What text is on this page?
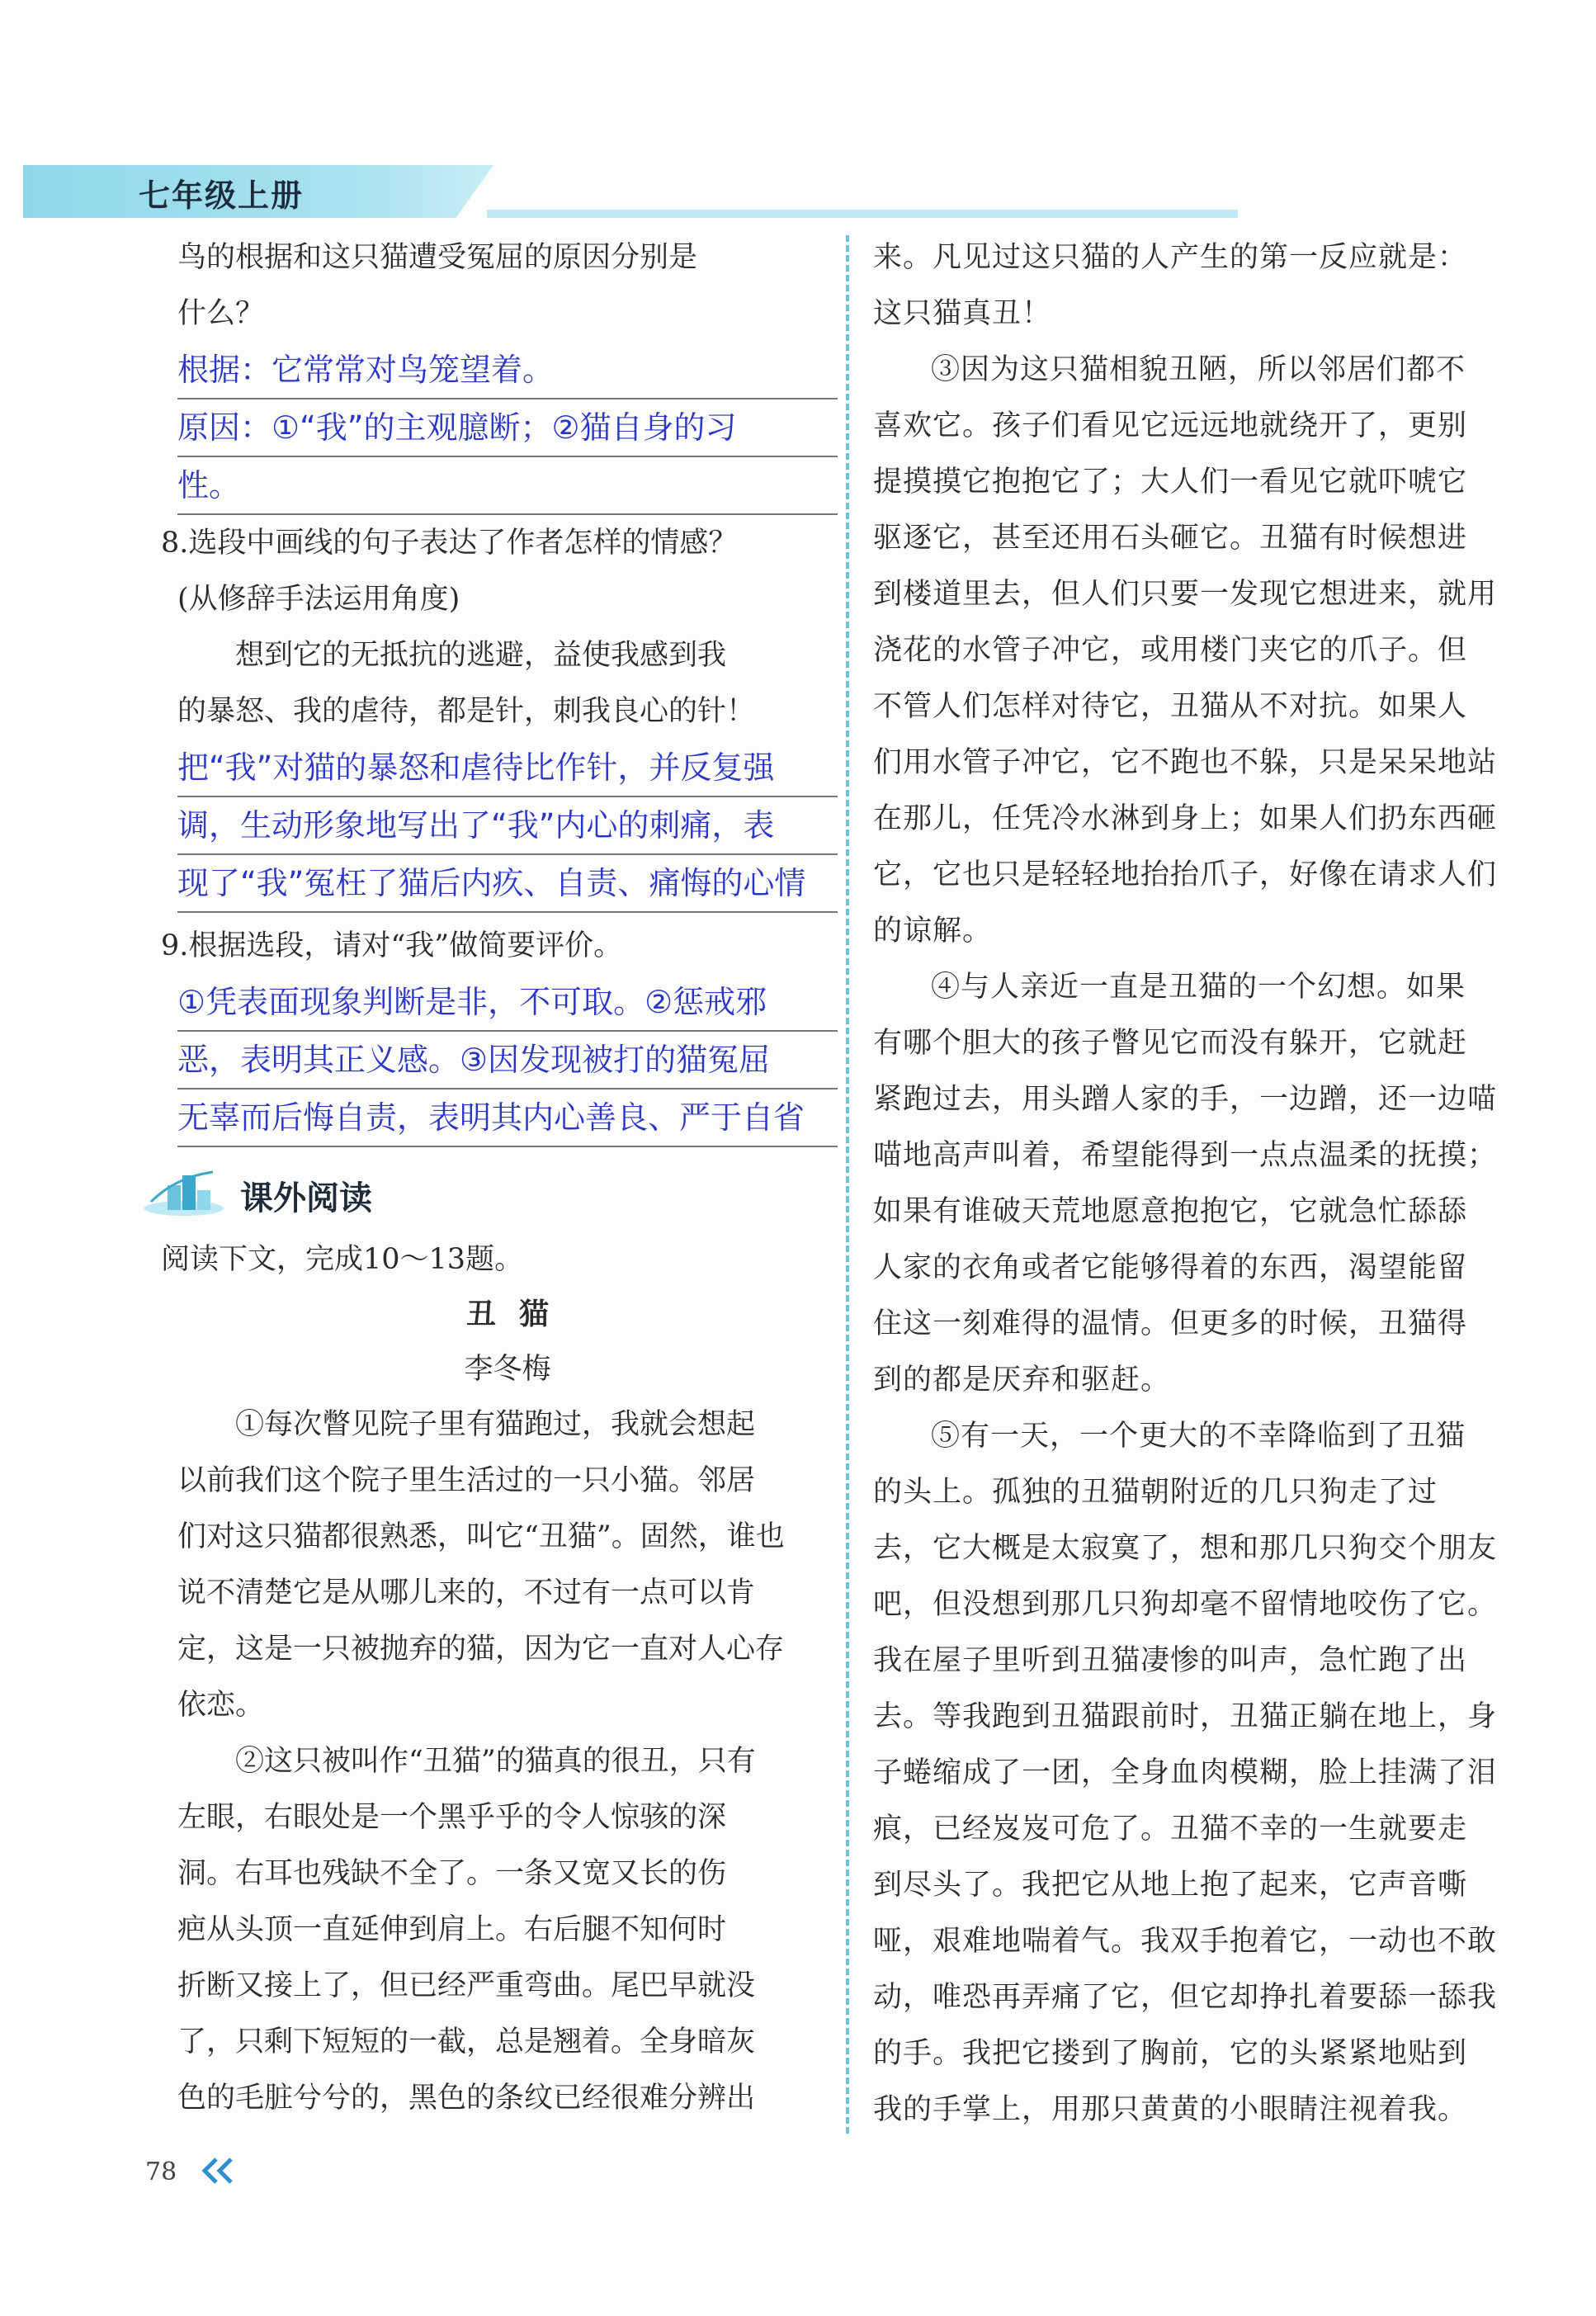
七年级上册

鸟的根据和这只猫遭受冤屈的原因分别是

什么？

根据：它常常对鸟笼望着。

原因：①“我”的主观臆断；②猫自身的习

性。

8.选段中画线的句子表达了作者怎样的情感？

(从修辞手法运用角度)

想到它的无抵抗的逃避，益使我感到我

的暴怒、我的虐待，都是针，刺我良心的针！

把“我”对猫的暴怒和虐待比作针，并反复强

调，生动形象地写出了“我”内心的刺痛，表

现了“我”冤枉了猫后内疚、自责、痛悔的心情

9.根据选段，请对“我”做简要评价。

①凭表面现象判断是非，不可取。②惩戒邪

恶，表明其正义感。③因发现被打的猫冤屈

无辜而后悔自责，表明其内心善良、严于自省

课外阅读

阅读下文，完成10～13题。

丑猫

李冬梅

①每次瞥见院子里有猫跑过，我就会想起

以前我们这个院子里生活过的一只小猫。邻居

们对这只猫都很熟悉，叫它“丑猫”。固然，谁也

说不清楚它是从哪儿来的，不过有一点可以肯

定，这是一只被抛弃的猫，因为它一直对人心存

依恋。

②这只被叫作“丑猫”的猫真的很丑，只有

左眼，右眼处是一个黑乎乎的令人惊骇的深

洞。右耳也残缺不全了。一条又宽又长的伤

疤从头顶一直延伸到肩上。右后腿不知何时

折断又接上了，但已经严重弯曲。尾巴早就没

了，只剩下短短的一截，总是翘着。全身暗灰

色的毛脏兮兮的，黑色的条纹已经很难分辨出

来。凡见过这只猫的人产生的第一反应就是：

这只猫真丑！

③因为这只猫相貌丑陋，所以邻居们都不

喜欢它。孩子们看见它远远地就绕开了，更别

提摸摸它抱抱它了；大人们一看见它就吓唬它

驱逐它，甚至还用石头砸它。丑猫有时候想进

到楼道里去，但人们只要一发现它想进来，就用

浇花的水管子冲它，或用楼门夹它的爪子。但

不管人们怎样对待它，丑猫从不对抗。如果人

们用水管子冲它，它不跑也不躲，只是呆呆地站

在那儿，任凭冷水淋到身上；如果人们扔东西砸

它，它也只是轻轻地抬抬爪子，好像在请求人们

的谅解。

④与人亲近一直是丑猫的一个幻想。如果

有哪个胆大的孩子瞥见它而没有躲开，它就赶

紧跑过去，用头蹭人家的手，一边蹭，还一边喵

喵地高声叫着，希望能得到一点点温柔的抚摸；

如果有谁破天荒地愿意抱抱它，它就急忙舔舔

人家的衣角或者它能够得着的东西，渴望能留

住这一刻难得的温情。但更多的时候，丑猫得

到的都是厌弃和驱赶。

⑤有一天，一个更大的不幸降临到了丑猫

的头上。孤独的丑猫朝附近的几只狗走了过

去，它大概是太寂寞了，想和那几只狗交个朋友

吧，但没想到那几只狗却毫不留情地咬伤了它。

我在屋子里听到丑猫凄惨的叫声，急忙跑了出

去。等我跑到丑猫跟前时，丑猫正躺在地上，身

子蜷缩成了一团，全身血肉模糊，脸上挂满了泪

痕，已经岌岌可危了。丑猫不幸的一生就要走

到尽头了。我把它从地上抱了起来，它声音嘶

哑，艰难地喘着气。我双手抱着它，一动也不敢

动，唯恐再弄痛了它，但它却挣扎着要舔一舔我

的手。我把它搂到了胸前，它的头紧紧地贴到

我的手掌上，用那只黄黄的小眼睛注视着我。

78
